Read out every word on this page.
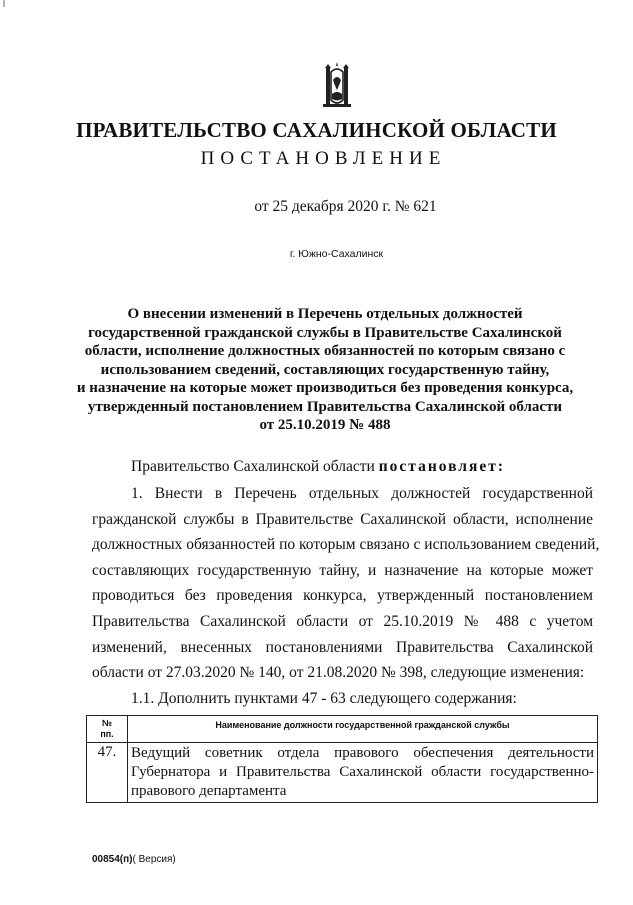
ПРАВИТЕЛЬСТВО САХАЛИНСКОЙ ОБЛАСТИ
ПОСТАНОВЛЕНИЕ
от 25 декабря 2020 г. № 621
г. Южно-Сахалинск
О внесении изменений в Перечень отдельных должностей
государственной гражданской службы в Правительстве Сахалинской
области, исполнение должностных обязанностей по которым связано с
использованием сведений, составляющих государственную тайну,
и назначение на которые может производиться без проведения конкурса,
утвержденный постановлением Правительства Сахалинской области
от 25.10.2019 № 488
Правительство Сахалинской области постановляет:
1. Внести в Перечень отдельных должностей государственной
гражданской службы в Правительстве Сахалинской области, исполнение
должностных обязанностей по которым связано с использованием сведений,
составляющих государственную тайну, и назначение на которые может
проводиться без проведения конкурса, утвержденный постановлением
Правительства Сахалинской области от 25.10.2019 № 488 с учетом
изменений, внесенных постановлениями Правительства Сахалинской
области от 27.03.2020 № 140, от 21.08.2020 № 398, следующие изменения:
1.1. Дополнить пунктами 47 - 63 следующего содержания:
№
пп.	Наименование должности государственной гражданской службы
47.	Ведущий советник отдела правового обеспечения деятельности
Губернатора и Правительства Сахалинской области государственно-
правового департамента
00854(п)( Версия)
